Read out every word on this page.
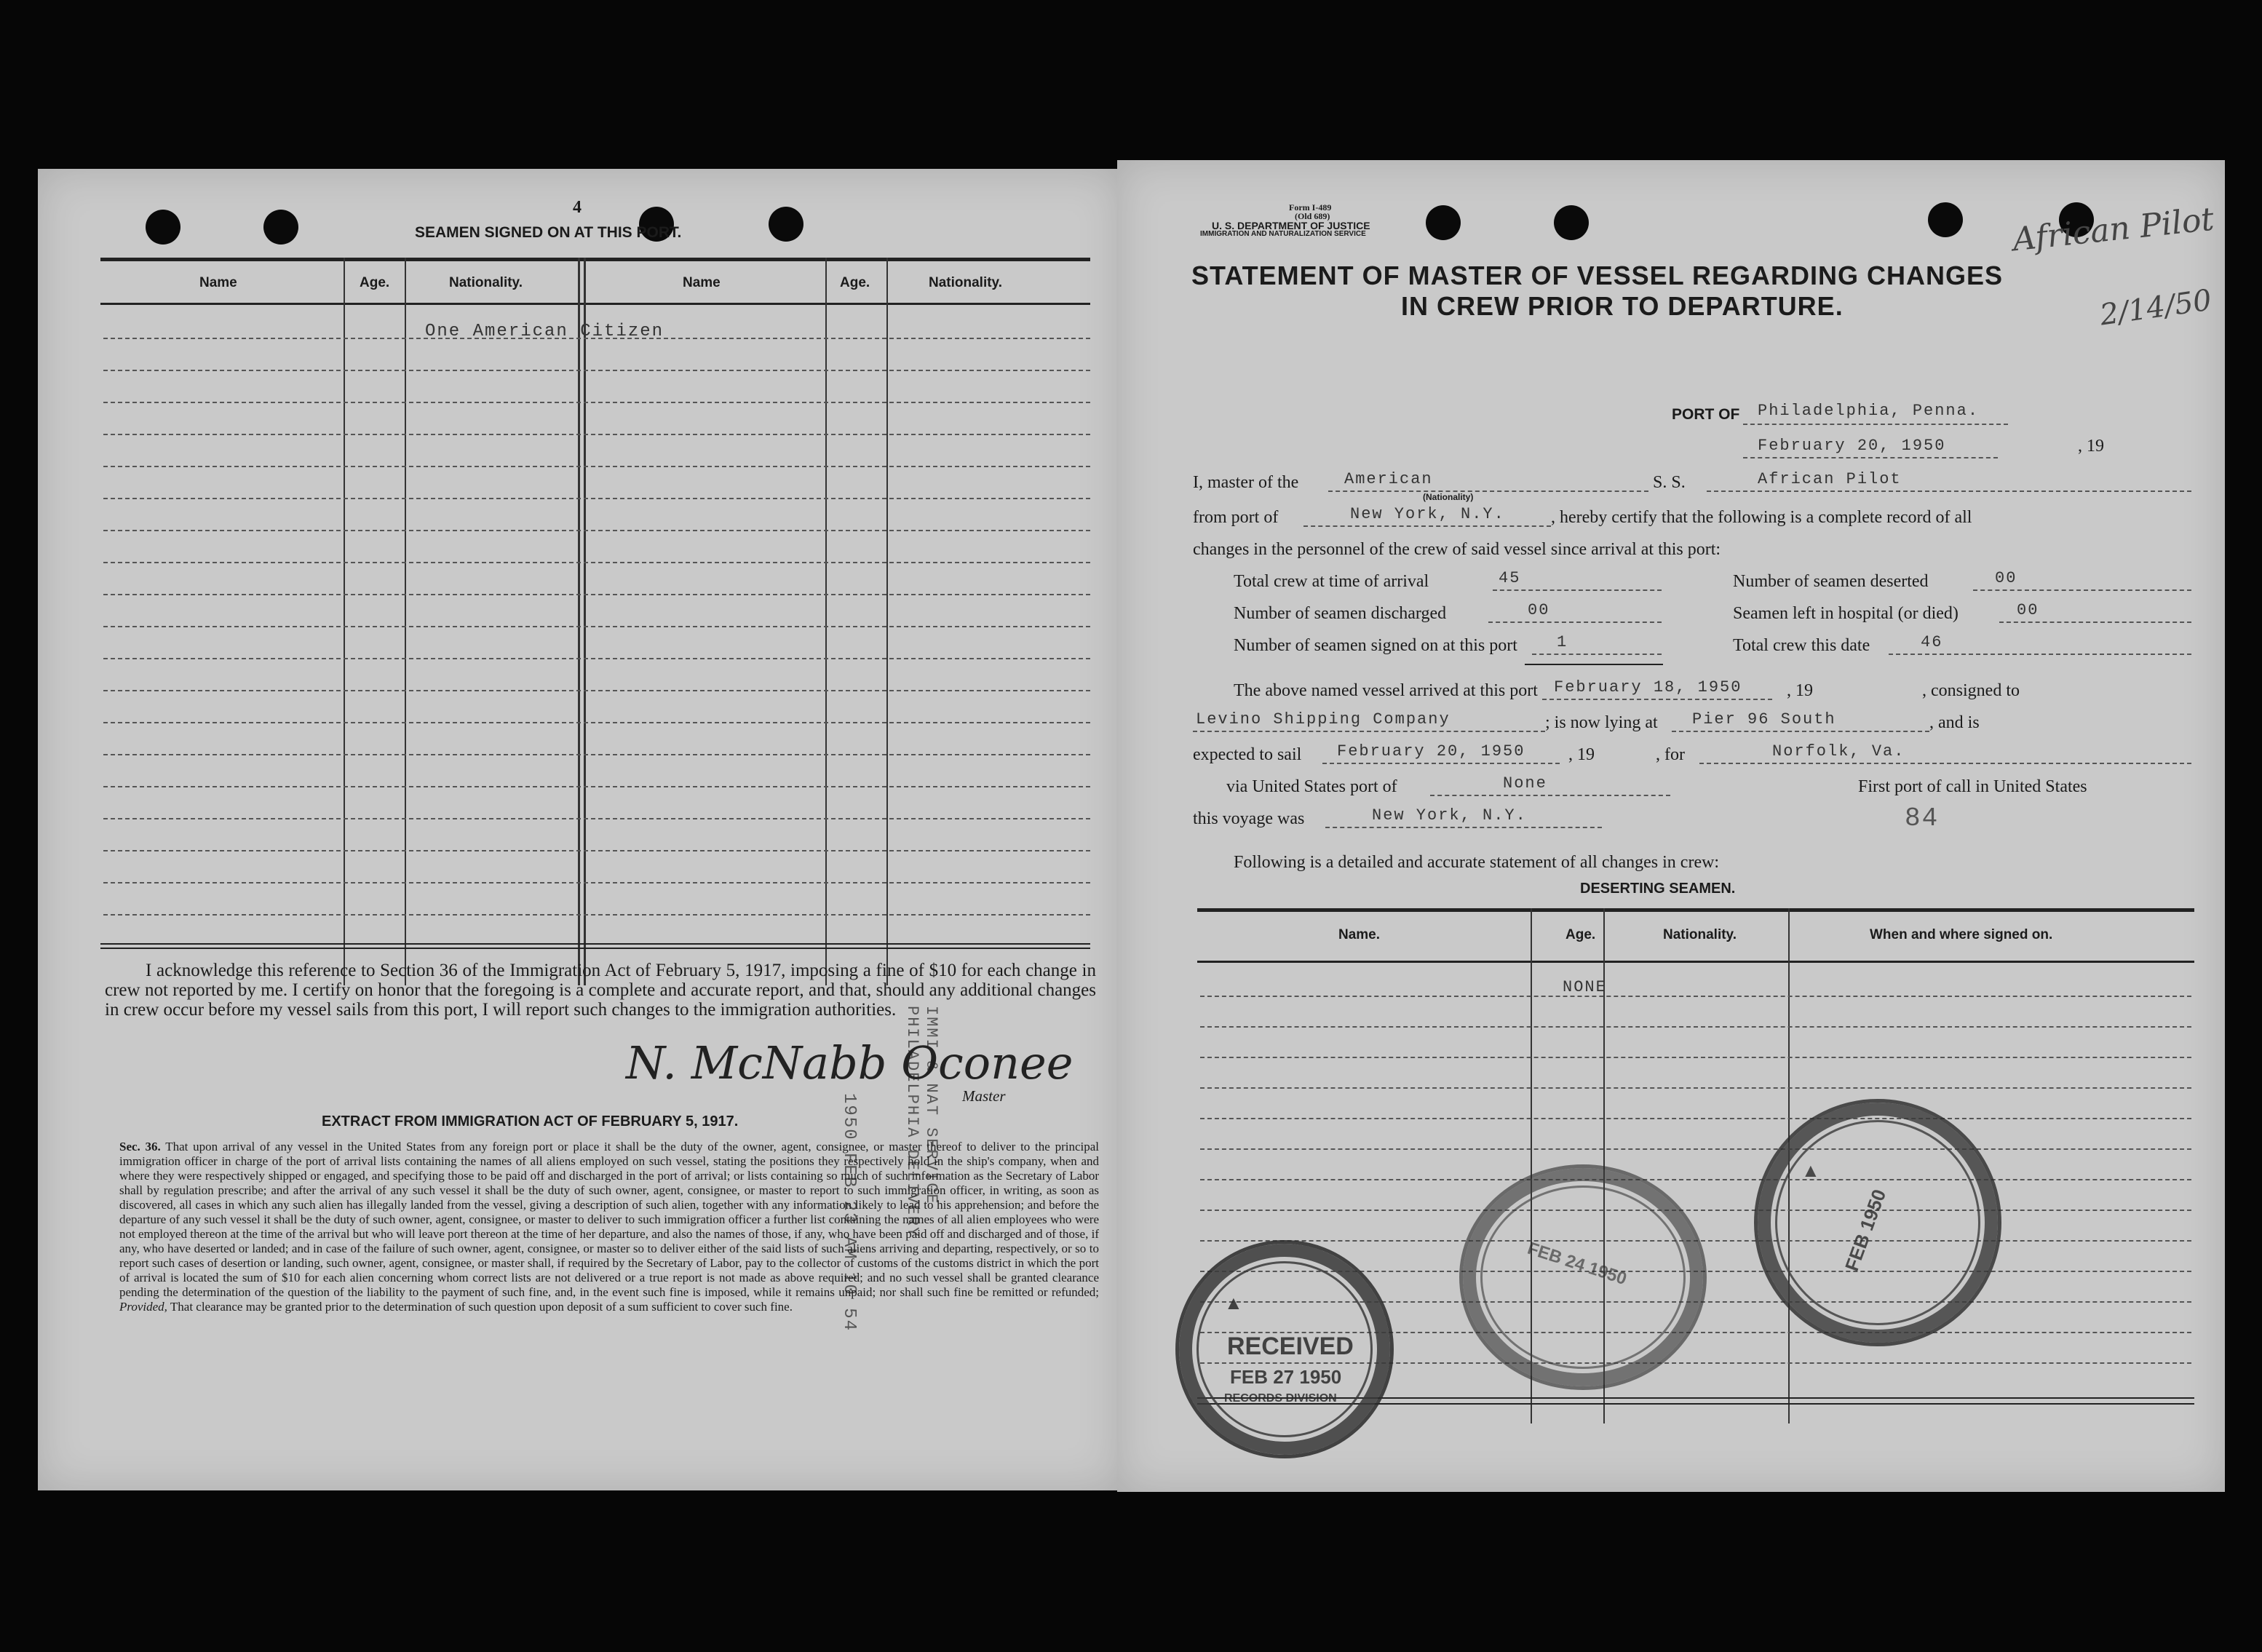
4
SEAMEN SIGNED ON AT THIS PORT.
Name	Age.	Nationality.	Name	Age.	Nationality.
One American Citizen
IMMI & NAT SERVICE
PHILADELPHIA DELIVERY
1950 FEB 23 AM 10 54
I acknowledge this reference to Section 36 of the Immigration Act of February 5, 1917, imposing a fine of $10 for each change in crew not reported by me. I certify on honor that the foregoing is a complete and accurate report, and that, should any additional changes in crew occur before my vessel sails from this port, I will report such changes to the immigration authorities.
N. McNabb Oconee
Master
EXTRACT FROM IMMIGRATION ACT OF FEBRUARY 5, 1917.
Sec. 36. That upon arrival of any vessel in the United States from any foreign port or place it shall be the duty of the owner, agent, consignee, or master thereof to deliver to the principal immigration officer in charge of the port of arrival lists containing the names of all aliens employed on such vessel, stating the positions they respectively hold in the ship's company, when and where they were respectively shipped or engaged, and specifying those to be paid off and discharged in the port of arrival; or lists containing so much of such information as the Secretary of Labor shall by regulation prescribe; and after the arrival of any such vessel it shall be the duty of such owner, agent, consignee, or master to report to such immigration officer, in writing, as soon as discovered, all cases in which any such alien has illegally landed from the vessel, giving a description of such alien, together with any information likely to lead to his apprehension; and before the departure of any such vessel it shall be the duty of such owner, agent, consignee, or master to deliver to such immigration officer a further list containing the names of all alien employees who were not employed thereon at the time of the arrival but who will leave port thereon at the time of her departure, and also the names of those, if any, who have been paid off and discharged and of those, if any, who have deserted or landed; and in case of the failure of such owner, agent, consignee, or master so to deliver either of the said lists of such aliens arriving and departing, respectively, or so to report such cases of desertion or landing, such owner, agent, consignee, or master shall, if required by the Secretary of Labor, pay to the collector of customs of the customs district in which the port of arrival is located the sum of $10 for each alien concerning whom correct lists are not delivered or a true report is not made as above required; and no such vessel shall be granted clearance pending the determination of the question of the liability to the payment of such fine, and, in the event such fine is imposed, while it remains unpaid; nor shall such fine be remitted or refunded; Provided, That clearance may be granted prior to the determination of such question upon deposit of a sum sufficient to cover such fine.
Form I-489
(Old 689)
U. S. DEPARTMENT OF JUSTICE
IMMIGRATION AND NATURALIZATION SERVICE	African Pilot
2/14/50
STATEMENT OF MASTER OF VESSEL REGARDING CHANGES
IN CREW PRIOR TO DEPARTURE.
PORT OF Philadelphia, Penna.
February 20, 1950	, 19
I, master of the	American
(Nationality)
S. S.	African Pilot
from port of	New York, N.Y.	, hereby certify that the following is a complete record of all
changes in the personnel of the crew of said vessel since arrival at this port:
Total crew at time of arrival	45	Number of seamen deserted	00
Number of seamen discharged	00	Seamen left in hospital (or died)	00
Number of seamen signed on at this port 1	Total crew this date	46
The above named vessel arrived at this port February 18, 1950	, 19	, consigned to
Levino Shipping Company	; is now lying at Pier 96 South	, and is
expected to sail February 20, 1950 , 19	, for	Norfolk, Va.
via United States port of	None	First port of call in United States
this voyage was	New York, N.Y.	84
Following is a detailed and accurate statement of all changes in crew:
DESERTING SEAMEN.
Name.	Age.	Nationality.	When and where signed on.
NONE
▲
RECEIVED
FEB 27 1950
RECORDS DIVISION
FEB 24 1950
▲
FEB 1950
